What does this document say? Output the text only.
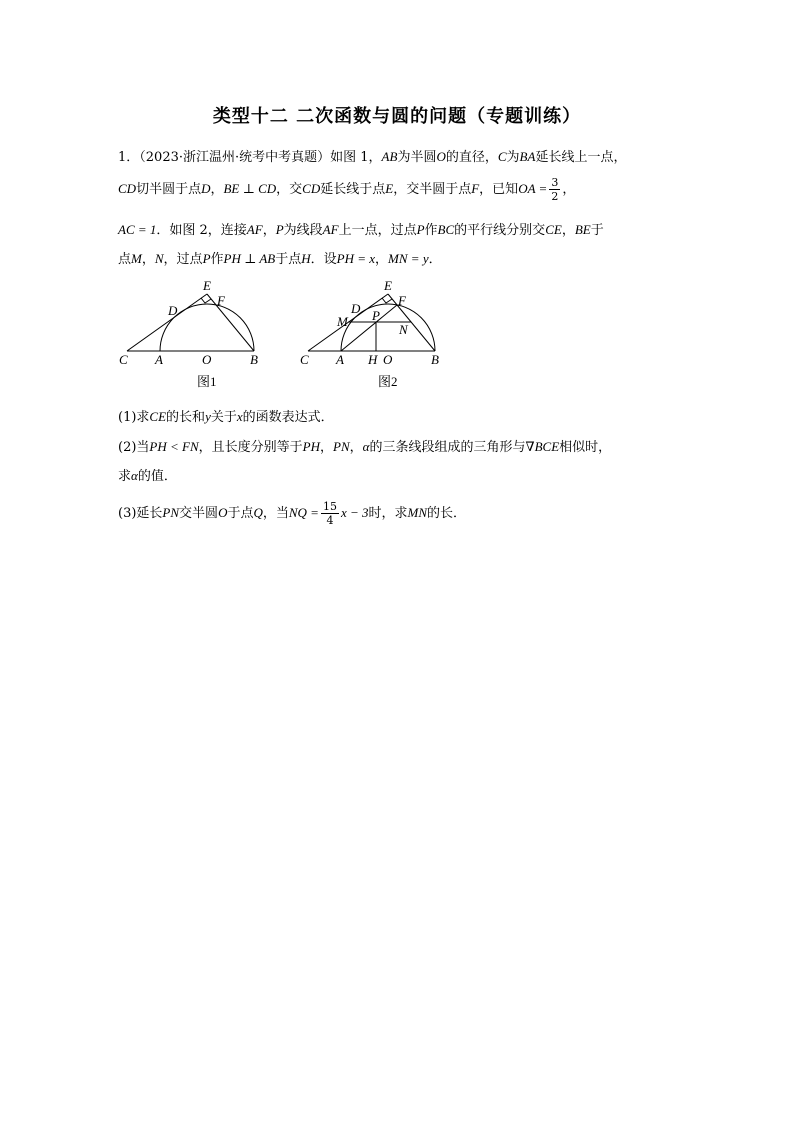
类型十二 二次函数与圆的问题（专题训练）
1．（2023·浙江温州·统考中考真题）如图 1，AB为半圆O的直径，C为BA延长线上一点，
CD切半圆于点D，BE ⊥ CD，交CD延长线于点E，交半圆于点F，已知OA = $\frac{3}{2}$ ，
AC = 1．如图 2，连接AF，P为线段AF上一点，过点P作BC的平行线分别交CE，BE于
点M，N，过点P作PH ⊥ AB于点H．设PH = x，MN = y．
C A	O	B
D
E
F
图1
C A H O	B
D
E
F
M P
N
图2
(1)求CE的长和y关于x的函数表达式．
(2)当PH < FN，且长度分别等于PH，PN，α的三条线段组成的三角形与∇BCE相似时，
求α的值．
(3)延长PN交半圆O于点Q，当NQ = $\frac{15}{4}$ x − 3时，求MN的长．
